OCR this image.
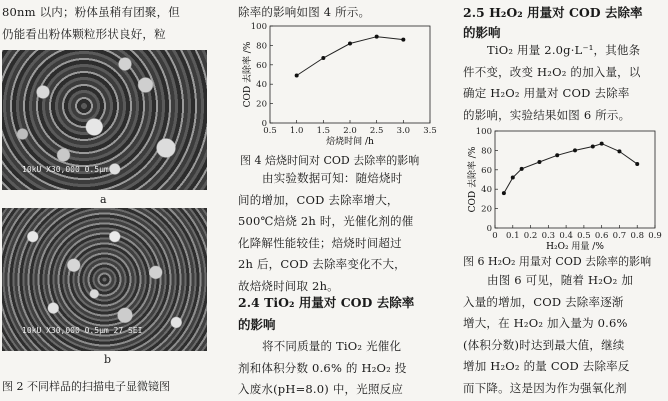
80nm 以内；粉体虽稍有团聚，但
仍能看出粉体颗粒形状良好，粒
10kU X30,000 0.5μm
a
10kU X30,000 0.5μm 27 SEI
b
图 2 不同样品的扫描电子显微镜图
除率的影响如图 4 所示。
0.5 1.0 1.5 2.0 2.5 3.0 3.5
0
20
40
60
80
100
COD 去除率 /%
焙烧时间 /h
图 4 焙烧时间对 COD 去除率的影响
由实验数据可知：随焙烧时
间的增加，COD 去除率增大，
500℃焙烧 2h 时，光催化剂的催
化降解性能较佳；焙烧时间超过
2h 后，COD 去除率变化不大，
故焙烧时间取 2h。
2.4 TiO₂ 用量对 COD 去除率
的影响
将不同质量的 TiO₂ 光催化
剂和体积分数 0.6% 的 H₂O₂ 投
入废水(pH=8.0) 中，光照反应
2.5 H₂O₂ 用量对 COD 去除率
的影响
TiO₂ 用量 2.0g·L⁻¹，其他条
件不变，改变 H₂O₂ 的加入量，以
确定 H₂O₂ 用量对 COD 去除率
的影响，实验结果如图 6 所示。
0 0.1 0.2 0.3 0.4 0.5 0.6 0.7 0.8 0.9
0
20
40
60
80
100
COD 去除率 /%
H₂O₂ 用量 /%
图 6 H₂O₂ 用量对 COD 去除率的影响
由图 6 可见，随着 H₂O₂ 加
入量的增加，COD 去除率逐渐
增大，在 H₂O₂ 加入量为 0.6%
(体积分数)时达到最大值，继续
增加 H₂O₂ 的量 COD 去除率反
而下降。这是因为作为强氧化剂
